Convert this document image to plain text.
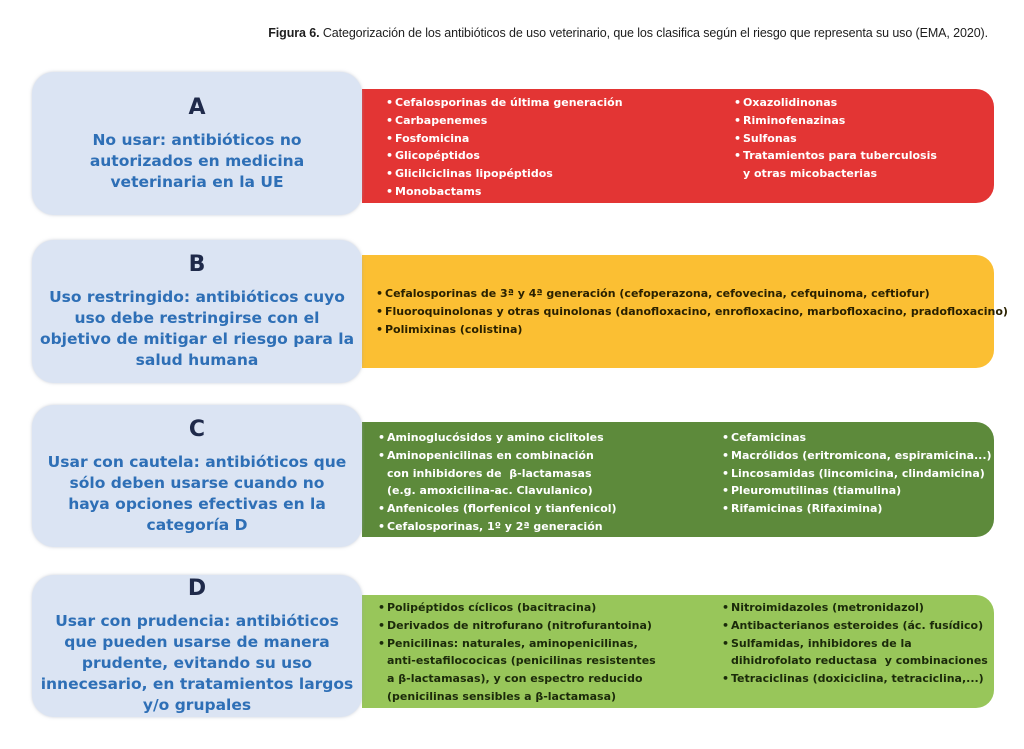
Figura 6. Categorización de los antibióticos de uso veterinario, que los clasifica según el riesgo que representa su uso (EMA, 2020).
A
No usar: antibióticos no autorizados en medicina veterinaria en la UE
• Cefalosporinas de última generación
• Carbapenemes
• Fosfomicina
• Glicopéptidos
• Glicilciclinas lipopéptidos
• Monobactams
• Oxazolidinonas
• Riminofenazinas
• Sulfonas
• Tratamientos para tuberculosis
y otras micobacterias
B
Uso restringido: antibióticos cuyo uso debe restringirse con el objetivo de mitigar el riesgo para la salud humana
• Cefalosporinas de 3ª y 4ª generación (cefoperazona, cefovecina, cefquinoma, ceftiofur)
• Fluoroquinolonas y otras quinolonas (danofloxacino, enrofloxacino, marbofloxacino, pradofloxacino)
• Polimixinas (colistina)
C
Usar con cautela: antibióticos que sólo deben usarse cuando no haya opciones efectivas en la categoría D
• Aminoglucósidos y amino ciclitoles
• Aminopenicilinas en combinación
con inhibidores de  β-lactamasas
(e.g. amoxicilina-ac. Clavulanico)
• Anfenicoles (florfenicol y tianfenicol)
• Cefalosporinas, 1º y 2ª generación
• Cefamicinas
• Macrólidos (eritromicona, espiramicina...)
• Lincosamidas (lincomicina, clindamicina)
• Pleuromutilinas (tiamulina)
• Rifamicinas (Rifaximina)
D
Usar con prudencia: antibióticos que pueden usarse de manera prudente, evitando su uso innecesario, en tratamientos largos y/o grupales
• Polipéptidos cíclicos (bacitracina)
• Derivados de nitrofurano (nitrofurantoina)
• Penicilinas: naturales, aminopenicilinas,
anti-estafilococicas (penicilinas resistentes
a β-lactamasas), y con espectro reducido
(penicilinas sensibles a β-lactamasa)
• Nitroimidazoles (metronidazol)
• Antibacterianos esteroides (ác. fusídico)
• Sulfamidas, inhibidores de la
dihidrofolato reductasa  y combinaciones
• Tetraciclinas (doxiciclina, tetraciclina,...)
